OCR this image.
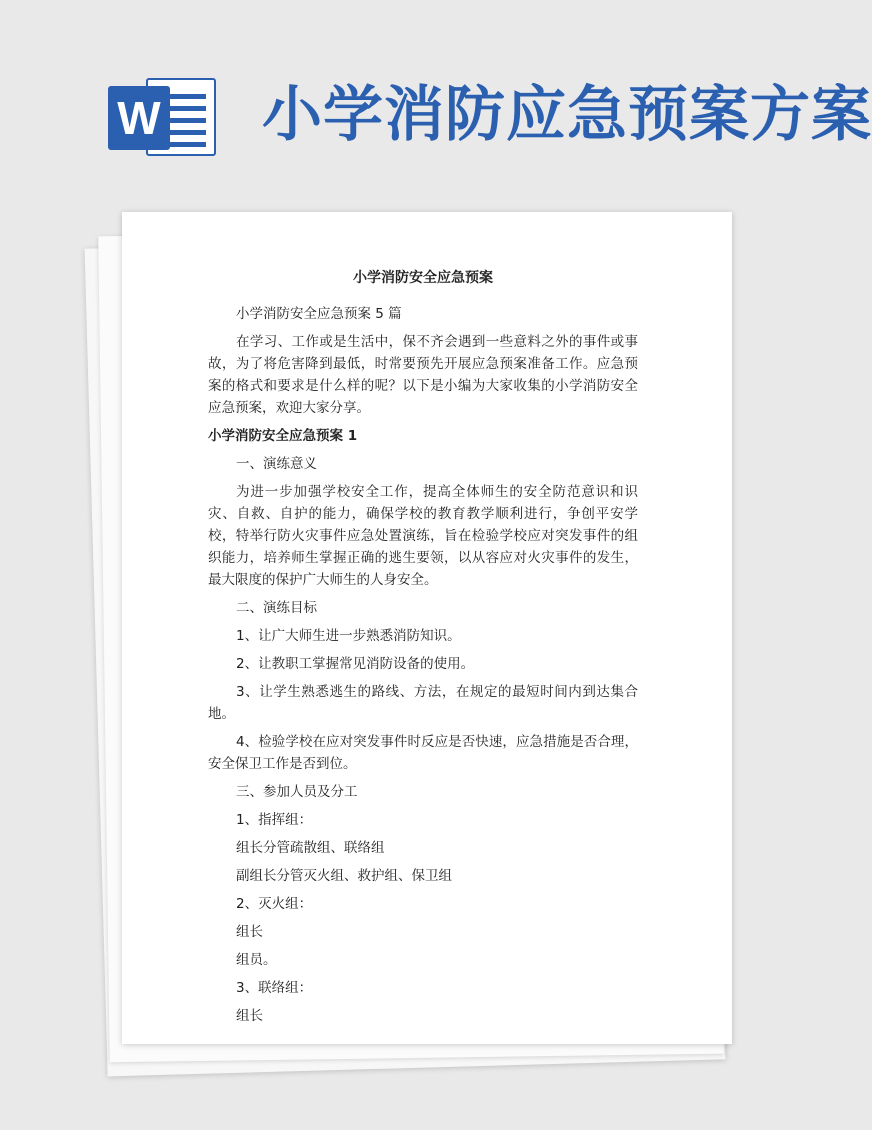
W 小学消防应急预案方案

小学消防安全应急预案

小学消防安全应急预案 5 篇

在学习、工作或是生活中，保不齐会遇到一些意料之外的事件或事故，为了将危害降到最低，时常要预先开展应急预案准备工作。应急预案的格式和要求是什么样的呢？以下是小编为大家收集的小学消防安全应急预案，欢迎大家分享。

小学消防安全应急预案 1

一、演练意义

为进一步加强学校安全工作，提高全体师生的安全防范意识和识灾、自救、自护的能力，确保学校的教育教学顺利进行，争创平安学校，特举行防火灾事件应急处置演练，旨在检验学校应对突发事件的组织能力，培养师生掌握正确的逃生要领，以从容应对火灾事件的发生，最大限度的保护广大师生的人身安全。

二、演练目标

1、让广大师生进一步熟悉消防知识。

2、让教职工掌握常见消防设备的使用。

3、让学生熟悉逃生的路线、方法，在规定的最短时间内到达集合地。

4、检验学校在应对突发事件时反应是否快速，应急措施是否合理，安全保卫工作是否到位。

三、参加人员及分工

1、指挥组：

组长分管疏散组、联络组

副组长分管灭火组、救护组、保卫组

2、灭火组：

组长

组员。

3、联络组：

组长
